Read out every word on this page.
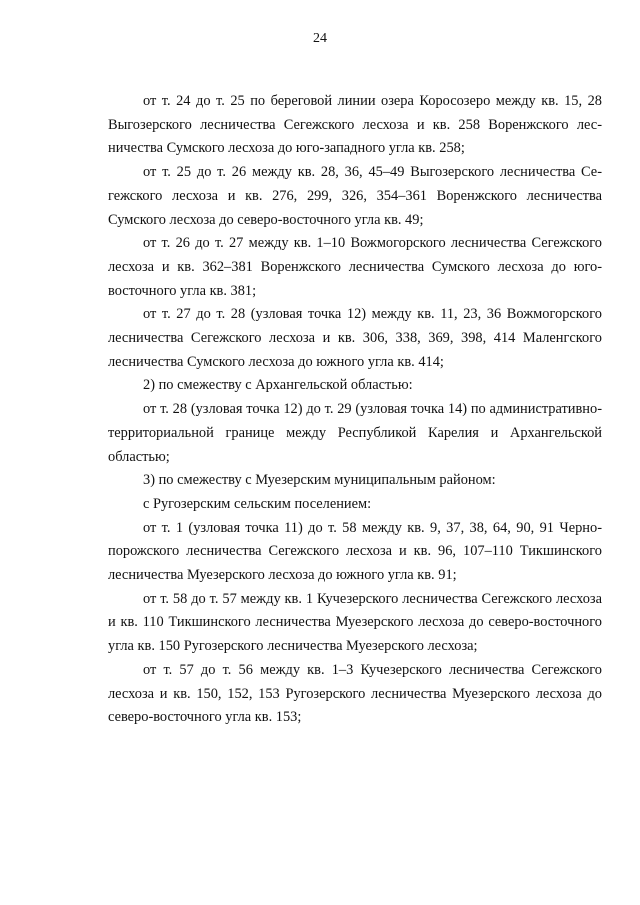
24

от т. 24 до т. 25 по береговой линии озера Коросозеро между кв. 15, 28 Выгозерского лесничества Сегежского лесхоза и кв. 258 Воренжского лесничества Сумского лесхоза до юго-западного угла кв. 258;

от т. 25 до т. 26 между кв. 28, 36, 45–49 Выгозерского лесничества Сегежского лесхоза и кв. 276, 299, 326, 354–361 Воренжского лесничества Сумского лесхоза до северо-восточного угла кв. 49;

от т. 26 до т. 27 между кв. 1–10 Вожмогорского лесничества Сегежского лесхоза и кв. 362–381 Воренжского лесничества Сумского лесхоза до юго-восточного угла кв. 381;

от т. 27 до т. 28 (узловая точка 12) между кв. 11, 23, 36 Вожмогорского лесничества Сегежского лесхоза и кв. 306, 338, 369, 398, 414 Маленгского лесничества Сумского лесхоза до южного угла кв. 414;

2) по смежеству с Архангельской областью:

от т. 28 (узловая точка 12) до т. 29 (узловая точка 14) по административно-территориальной границе между Республикой Карелия и Архангельской областью;

3) по смежеству с Муезерским муниципальным районом:

с Ругозерским сельским поселением:

от т. 1 (узловая точка 11) до т. 58 между кв. 9, 37, 38, 64, 90, 91 Чернопорожского лесничества Сегежского лесхоза и кв. 96, 107–110 Тикшинского лесничества Муезерского лесхоза до южного угла кв. 91;

от т. 58 до т. 57 между кв. 1 Кучезерского лесничества Сегежского лесхоза и кв. 110 Тикшинского лесничества Муезерского лесхоза до северо-восточного угла кв. 150 Ругозерского лесничества Муезерского лесхоза;

от т. 57 до т. 56 между кв. 1–3 Кучезерского лесничества Сегежского лесхоза и кв. 150, 152, 153 Ругозерского лесничества Муезерского лесхоза до северо-восточного угла кв. 153;
